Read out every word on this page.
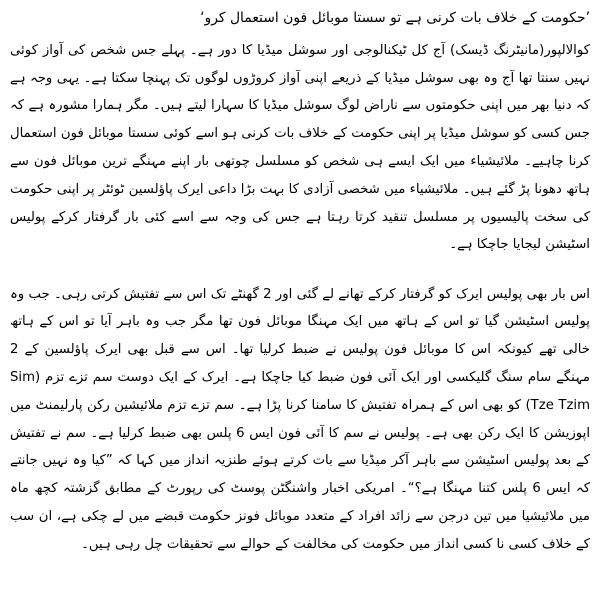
’حکومت کے خلاف بات کرنی ہے تو سستا موبائل فون استعمال کرو‘

کوالالپور(مانیٹرنگ ڈیسک) آج کل ٹیکنالوجی اور سوشل میڈیا کا دور ہے۔ پہلے جس شخص کی آواز کوئی نہیں سنتا تھا آج وہ بھی سوشل میڈیا کے ذریعے اپنی آواز کروڑوں لوگوں تک پہنچا سکتا ہے۔ یہی وجہ ہے کہ دنیا بھر میں اپنی حکومتوں سے ناراض لوگ سوشل میڈیا کا سہارا لیتے ہیں۔ مگر ہمارا مشورہ ہے کہ جس کسی کو سوشل میڈیا پر اپنی حکومت کے خلاف بات کرنی ہو اسے کوئی سستا موبائل فون استعمال کرنا چاہیے۔ ملائیشیاء میں ایک ایسے ہی شخص کو مسلسل چوتھی بار اپنے مہنگے ترین موبائل فون سے ہاتھ دھونا پڑ گئے ہیں۔ ملائیشیاء میں شخصی آزادی کا بہت بڑا داعی ایرک پاؤلسین ٹوئٹر پر اپنی حکومت کی سخت پالیسیوں پر مسلسل تنقید کرتا رہتا ہے جس کی وجہ سے اسے کئی بار گرفتار کرکے پولیس اسٹیشن لیجایا جاچکا ہے۔

اس بار بھی پولیس ایرک کو گرفتار کرکے تھانے لے گئی اور 2 گھنٹے تک اس سے تفتیش کرتی رہی۔ جب وہ پولیس اسٹیشن گیا تو اس کے ہاتھ میں ایک مہنگا موبائل فون تھا مگر جب وہ باہر آیا تو اس کے ہاتھ خالی تھے کیونکہ اس کا موبائل فون پولیس نے ضبط کرلیا تھا۔ اس سے قبل بھی ایرک پاؤلسین کے 2 مہنگے سام سنگ گلیکسی اور ایک آئی فون ضبط کیا جاچکا ہے۔ ایرک کے ایک دوست سم تزے تزم (Sim Tze Tzim) کو بھی اس کے ہمراہ تفتیش کا سامنا کرنا پڑا ہے۔ سم تزے تزم ملائیشین رکن پارلیمنٹ میں اپوزیشن کا ایک رکن بھی ہے۔ پولیس نے سم کا آئی فون ایس 6 پلس بھی ضبط کرلیا ہے۔ سم نے تفتیش کے بعد پولیس اسٹیشن سے باہر آکر میڈیا سے بات کرتے ہوئے طنزیہ انداز میں کہا کہ ”کیا وہ نہیں جانتے کہ ایس 6 پلس کتنا مہنگا ہے؟“۔ امریکی اخبار واشنگٹن پوسٹ کی رپورٹ کے مطابق گزشتہ کچھ ماہ میں ملائیشیا میں تین درجن سے زائد افراد کے متعدد موبائل فونز حکومت قبضے میں لے چکی ہے، ان سب کے خلاف کسی نا کسی انداز میں حکومت کی مخالفت کے حوالے سے تحقیقات چل رہی ہیں۔
